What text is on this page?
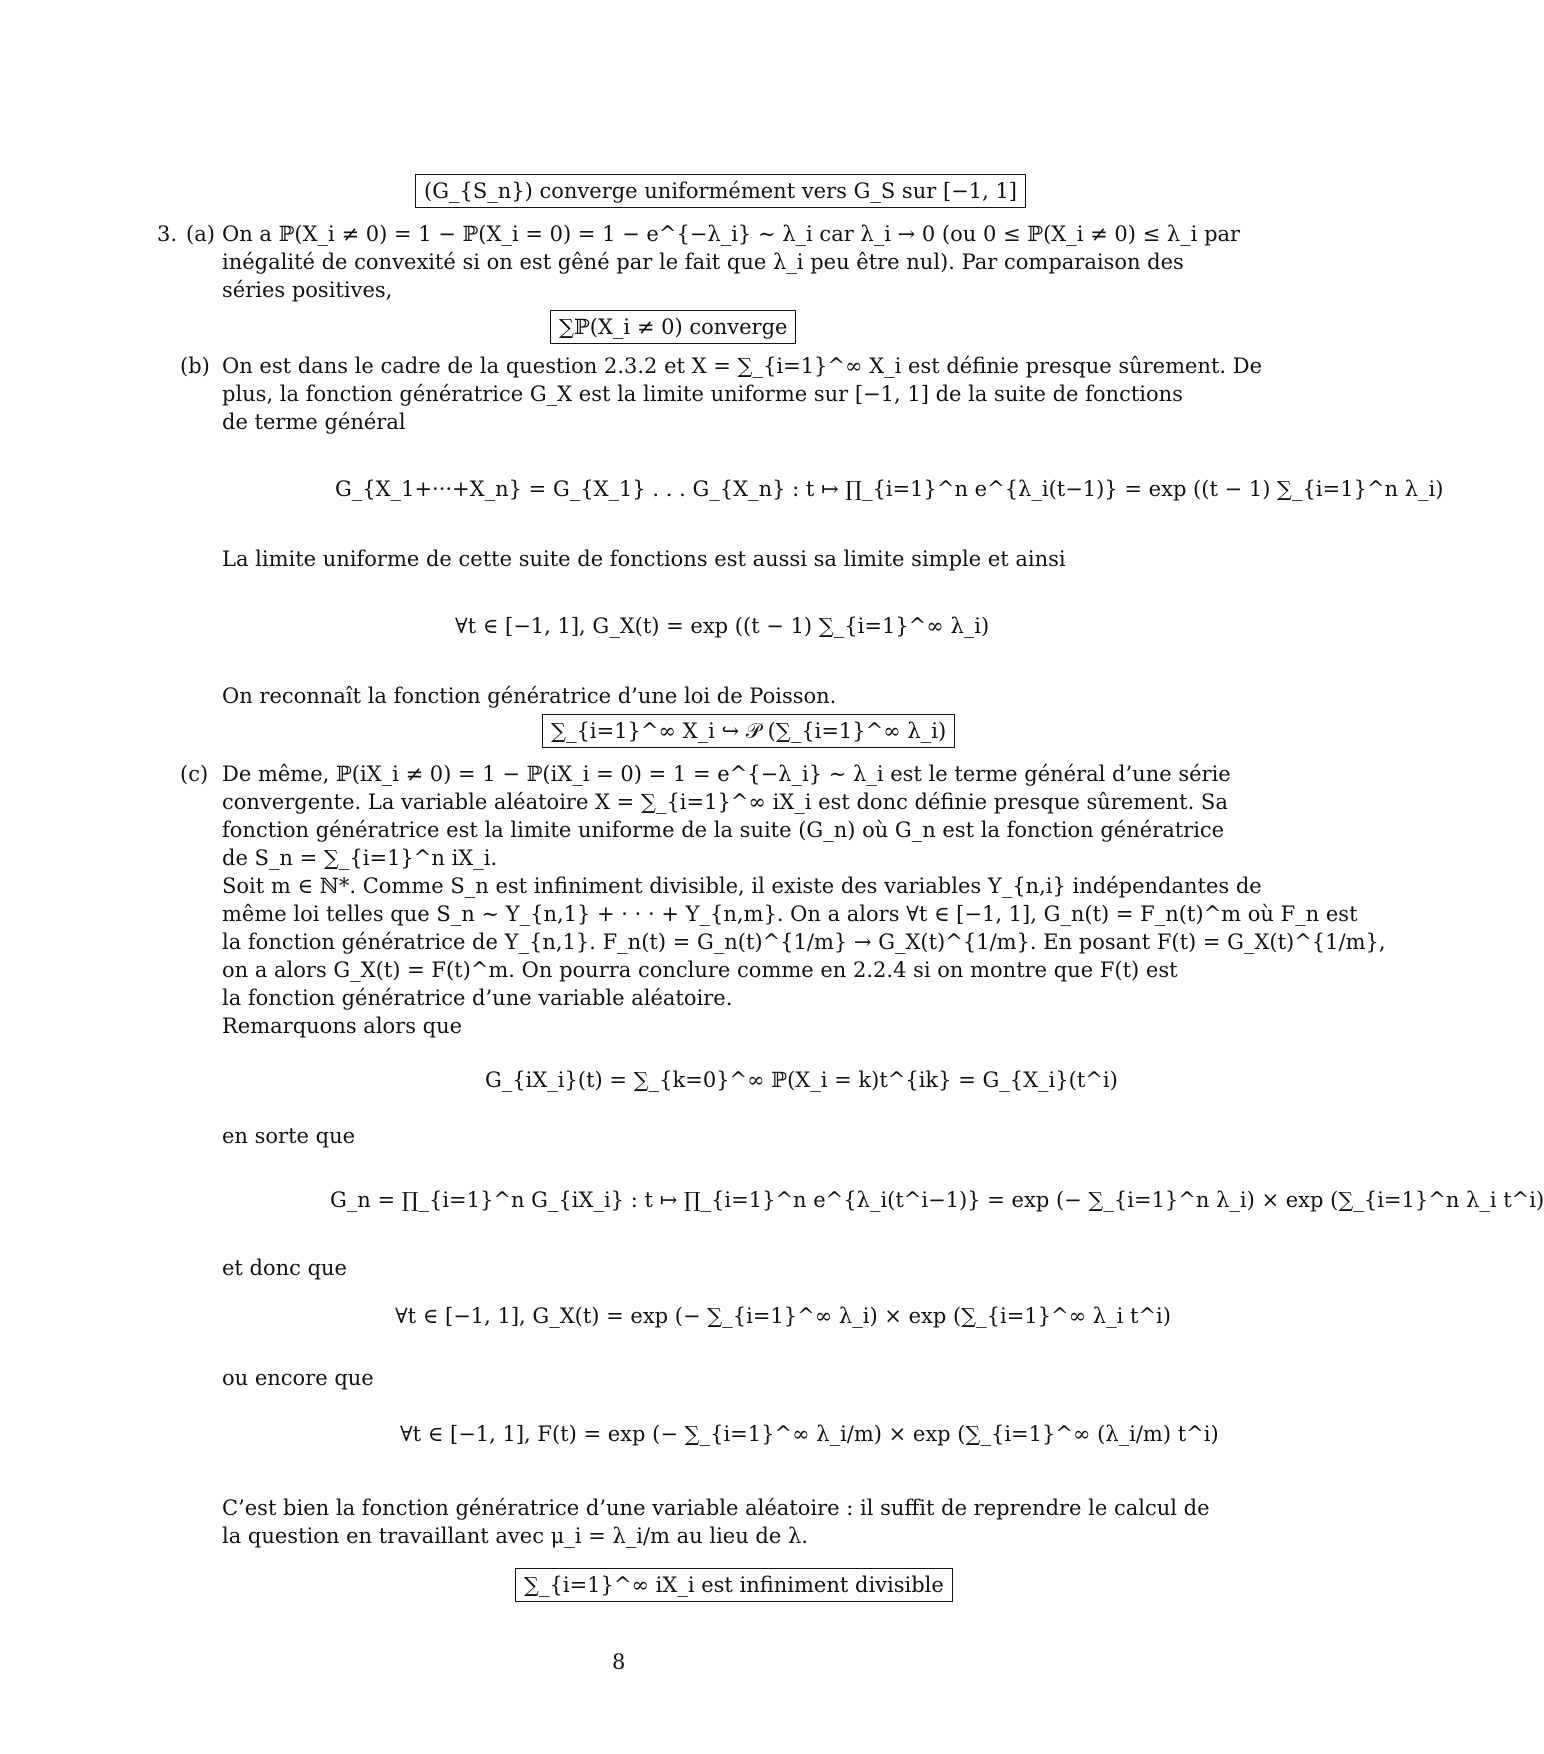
(G_{S_n}) converge uniformément vers G_S sur [−1, 1]
3. (a) On a ℙ(X_i ≠ 0) = 1 − ℙ(X_i = 0) = 1 − e^{−λ_i} ∼ λ_i car λ_i → 0 (ou 0 ≤ ℙ(X_i ≠ 0) ≤ λ_i par
inégalité de convexité si on est gêné par le fait que λ_i peu être nul). Par comparaison des
séries positives,
∑ℙ(X_i ≠ 0) converge
(b) On est dans le cadre de la question 2.3.2 et X = ∑_{i=1}^∞ X_i est définie presque sûrement. De
plus, la fonction génératrice G_X est la limite uniforme sur [−1, 1] de la suite de fonctions
de terme général
G_{X_1+···+X_n} = G_{X_1} . . . G_{X_n} : t ↦ ∏_{i=1}^n e^{λ_i(t−1)} = exp ((t − 1) ∑_{i=1}^n λ_i)
La limite uniforme de cette suite de fonctions est aussi sa limite simple et ainsi
∀t ∈ [−1, 1], G_X(t) = exp ((t − 1) ∑_{i=1}^∞ λ_i)
On reconnaît la fonction génératrice d’une loi de Poisson.
∑_{i=1}^∞ X_i ↪ 𝒫 (∑_{i=1}^∞ λ_i)
(c) De même, ℙ(iX_i ≠ 0) = 1 − ℙ(iX_i = 0) = 1 = e^{−λ_i} ∼ λ_i est le terme général d’une série
convergente. La variable aléatoire X = ∑_{i=1}^∞ iX_i est donc définie presque sûrement. Sa
fonction génératrice est la limite uniforme de la suite (G_n) où G_n est la fonction génératrice
de S_n = ∑_{i=1}^n iX_i.
Soit m ∈ ℕ*. Comme S_n est infiniment divisible, il existe des variables Y_{n,i} indépendantes de
même loi telles que S_n ∼ Y_{n,1} + · · · + Y_{n,m}. On a alors ∀t ∈ [−1, 1], G_n(t) = F_n(t)^m où F_n est
la fonction génératrice de Y_{n,1}. F_n(t) = G_n(t)^{1/m} → G_X(t)^{1/m}. En posant F(t) = G_X(t)^{1/m},
on a alors G_X(t) = F(t)^m. On pourra conclure comme en 2.2.4 si on montre que F(t) est
la fonction génératrice d’une variable aléatoire.
Remarquons alors que
G_{iX_i}(t) = ∑_{k=0}^∞ ℙ(X_i = k)t^{ik} = G_{X_i}(t^i)
en sorte que
G_n = ∏_{i=1}^n G_{iX_i} : t ↦ ∏_{i=1}^n e^{λ_i(t^i−1)} = exp (− ∑_{i=1}^n λ_i) × exp (∑_{i=1}^n λ_i t^i)
et donc que
∀t ∈ [−1, 1], G_X(t) = exp (− ∑_{i=1}^∞ λ_i) × exp (∑_{i=1}^∞ λ_i t^i)
ou encore que
∀t ∈ [−1, 1], F(t) = exp (− ∑_{i=1}^∞ λ_i/m) × exp (∑_{i=1}^∞ (λ_i/m) t^i)
C’est bien la fonction génératrice d’une variable aléatoire : il suffit de reprendre le calcul de
la question en travaillant avec μ_i = λ_i/m au lieu de λ.
∑_{i=1}^∞ iX_i est infiniment divisible
8
